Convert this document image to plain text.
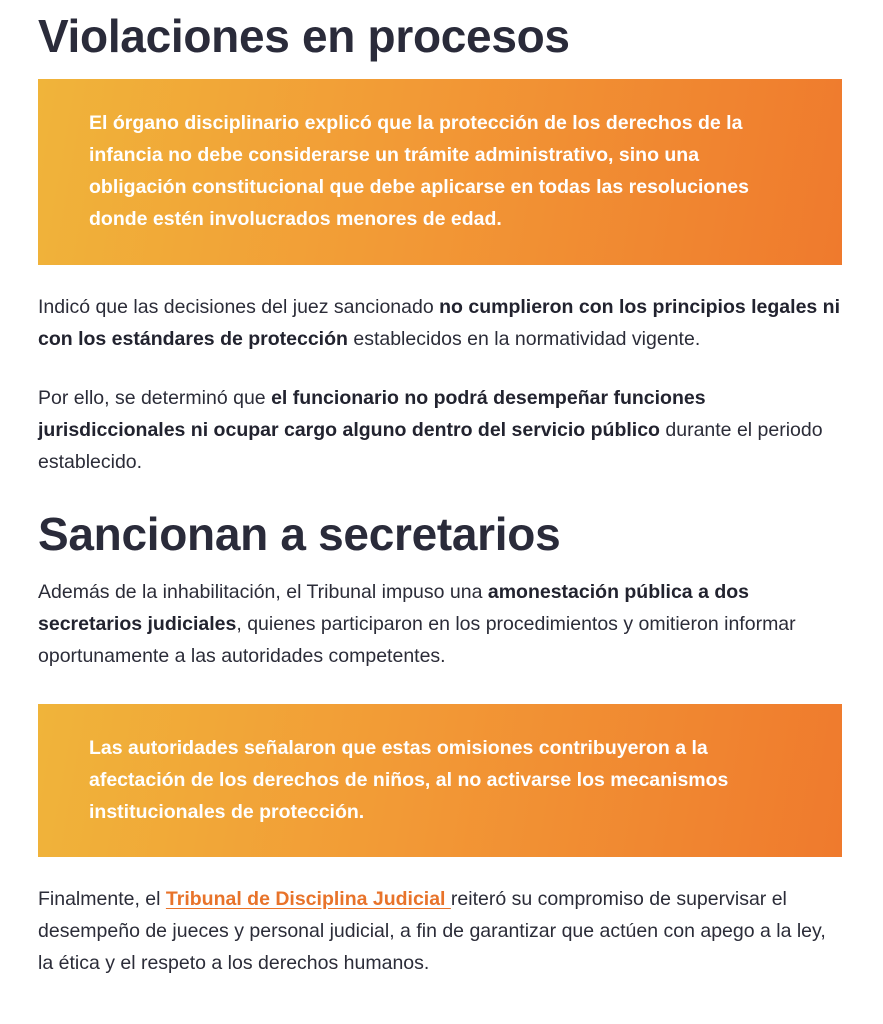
Violaciones en procesos
El órgano disciplinario explicó que la protección de los derechos de la infancia no debe considerarse un trámite administrativo, sino una obligación constitucional que debe aplicarse en todas las resoluciones donde estén involucrados menores de edad.

Indicó que las decisiones del juez sancionado no cumplieron con los principios legales ni con los estándares de protección establecidos en la normatividad vigente.

Por ello, se determinó que el funcionario no podrá desempeñar funciones jurisdiccionales ni ocupar cargo alguno dentro del servicio público durante el periodo establecido.

Sancionan a secretarios

Además de la inhabilitación, el Tribunal impuso una amonestación pública a dos secretarios judiciales, quienes participaron en los procedimientos y omitieron informar oportunamente a las autoridades competentes.

Las autoridades señalaron que estas omisiones contribuyeron a la afectación de los derechos de niños, al no activarse los mecanismos institucionales de protección.

Finalmente, el Tribunal de Disciplina Judicial reiteró su compromiso de supervisar el desempeño de jueces y personal judicial, a fin de garantizar que actúen con apego a la ley, la ética y el respeto a los derechos humanos.
